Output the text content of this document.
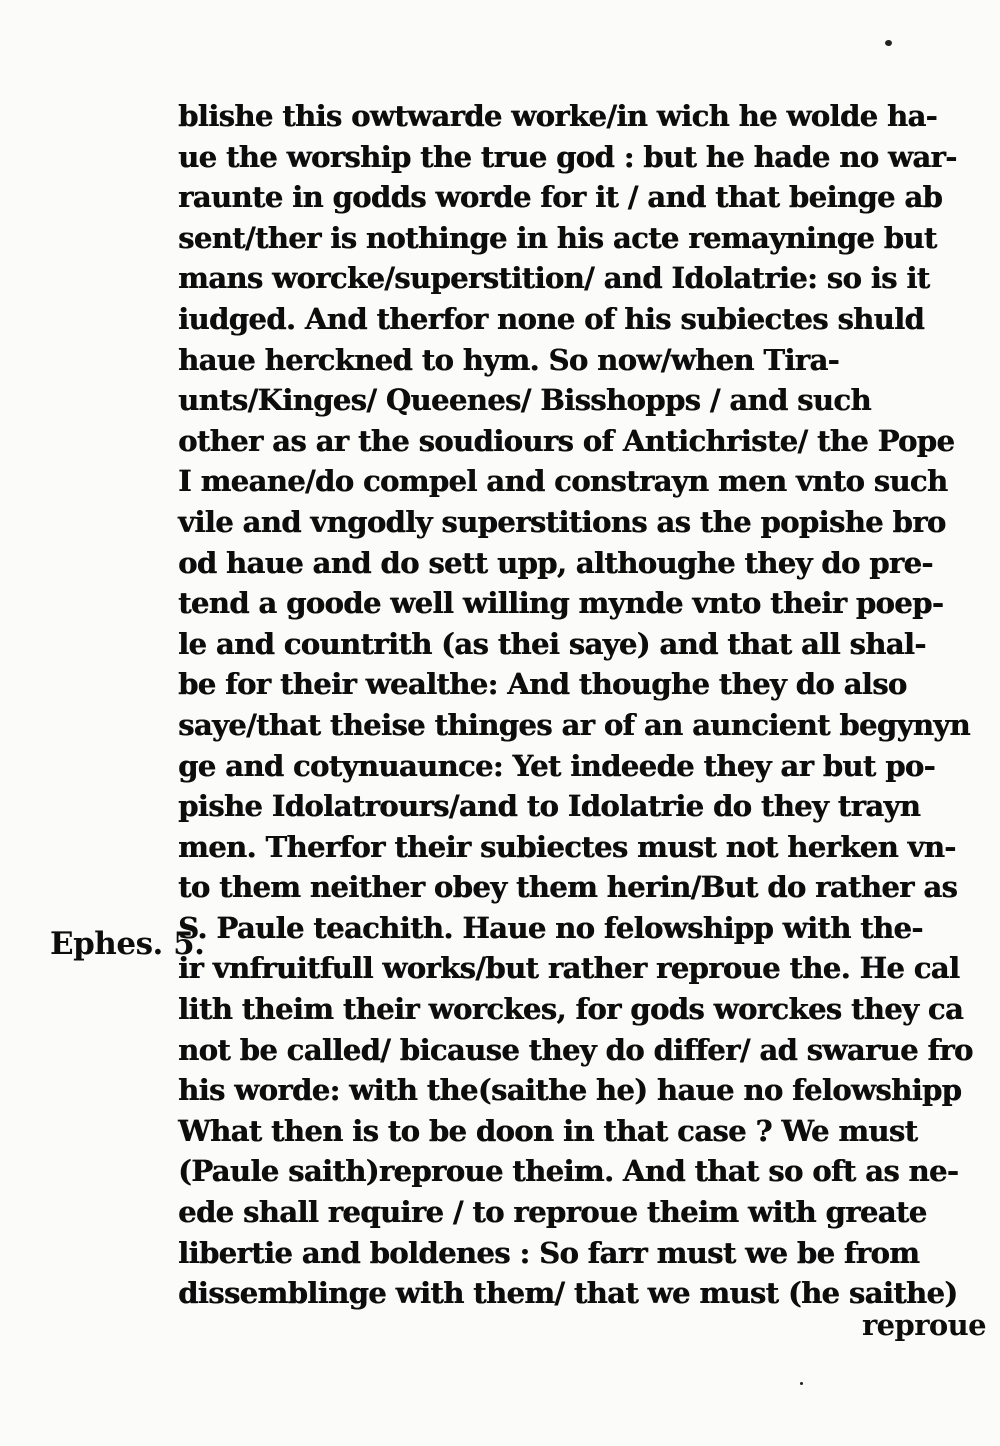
Ephes. 5.
blishe this owtwarde worke/in wich he wolde ha-
ue the worship the true god : but he hade no war-
raunte in godds worde for it / and that beinge ab
sent/ther is nothinge in his acte remayninge but
mans worcke/superstition/ and Idolatrie: so is it
iudged. And therfor none of his subiectes shuld
haue herckned to hym. So now/when Tira-
unts/Kinges/ Queenes/ Bisshopps / and such
other as ar the soudiours of Antichriste/ the Pope
I meane/do compel and constrayn men vnto such
vile and vngodly superstitions as the popishe bro
od haue and do sett upp, althoughe they do pre-
tend a goode well willing mynde vnto their poep-
le and countrith (as thei saye) and that all shal-
be for their wealthe: And thoughe they do also
saye/that theise thinges ar of an auncient begynyn
ge and cotynuaunce: Yet indeede they ar but po-
pishe Idolatrours/and to Idolatrie do they trayn
men. Therfor their subiectes must not herken vn-
to them neither obey them herin/But do rather as
S. Paule teachith. Haue no felowshipp with the-
ir vnfruitfull works/but rather reproue the. He cal
lith theim their worckes, for gods worckes they ca
not be called/ bicause they do differ/ ad swarue fro
his worde: with the(saithe he) haue no felowshipp
What then is to be doon in that case ? We must
(Paule saith)reproue theim. And that so oft as ne-
ede shall require / to reproue theim with greate
libertie and boldenes : So farr must we be from
dissemblinge with them/ that we must (he saithe)
reproue
